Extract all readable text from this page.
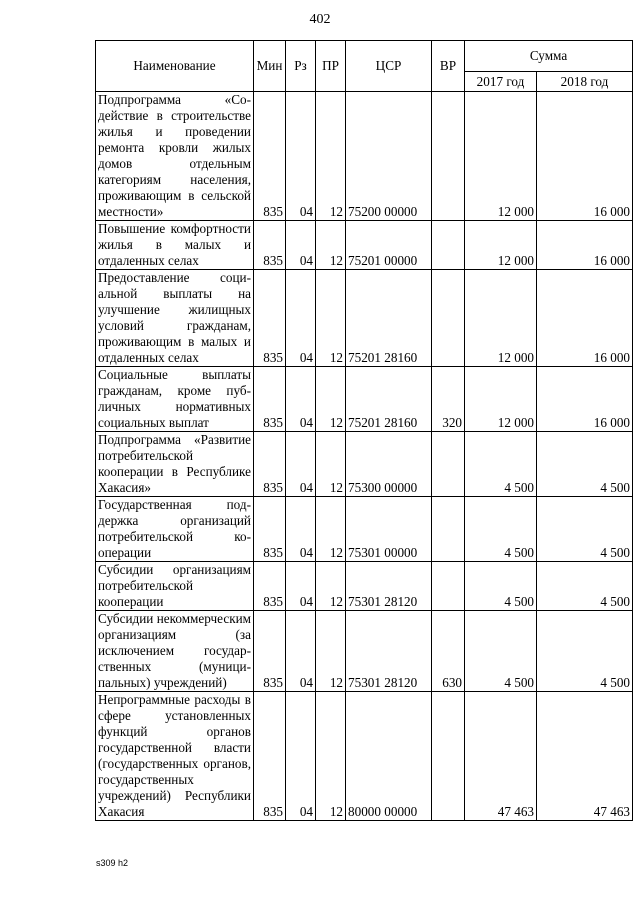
402
Наименование	Мин	Рз	ПР	ЦСР	ВР	Сумма	
						2017 год	2018 год
Подпрограмма «Содействие в строительстве жилья и проведении ремонта кровли жилых домов отдельным категориям населения, проживающим в сельской местности»	835	04	12	75200 00000		12 000	16 000
Повышение комфортности жилья в малых и отдаленных селах	835	04	12	75201 00000		12 000	16 000
Предоставление социальной выплаты на улучшение жилищных условий гражданам, проживающим в малых и отдаленных селах	835	04	12	75201 28160		12 000	16 000
Социальные выплаты гражданам, кроме публичных нормативных социальных выплат	835	04	12	75201 28160	320	12 000	16 000
Подпрограмма «Развитие потребительской кооперации в Республике Хакасия»	835	04	12	75300 00000		4 500	4 500
Государственная поддержка организаций потребительской кооперации	835	04	12	75301 00000		4 500	4 500
Субсидии организациям потребительской кооперации	835	04	12	75301 28120		4 500	4 500
Субсидии некоммерческим организациям (за исключением государственных (муниципальных) учреждений)	835	04	12	75301 28120	630	4 500	4 500
Непрограммные расходы в сфере установленных функций органов государственной власти (государственных органов, государственных учреждений) Республики Хакасия	835	04	12	80000 00000		47 463	47 463
s309 h2
